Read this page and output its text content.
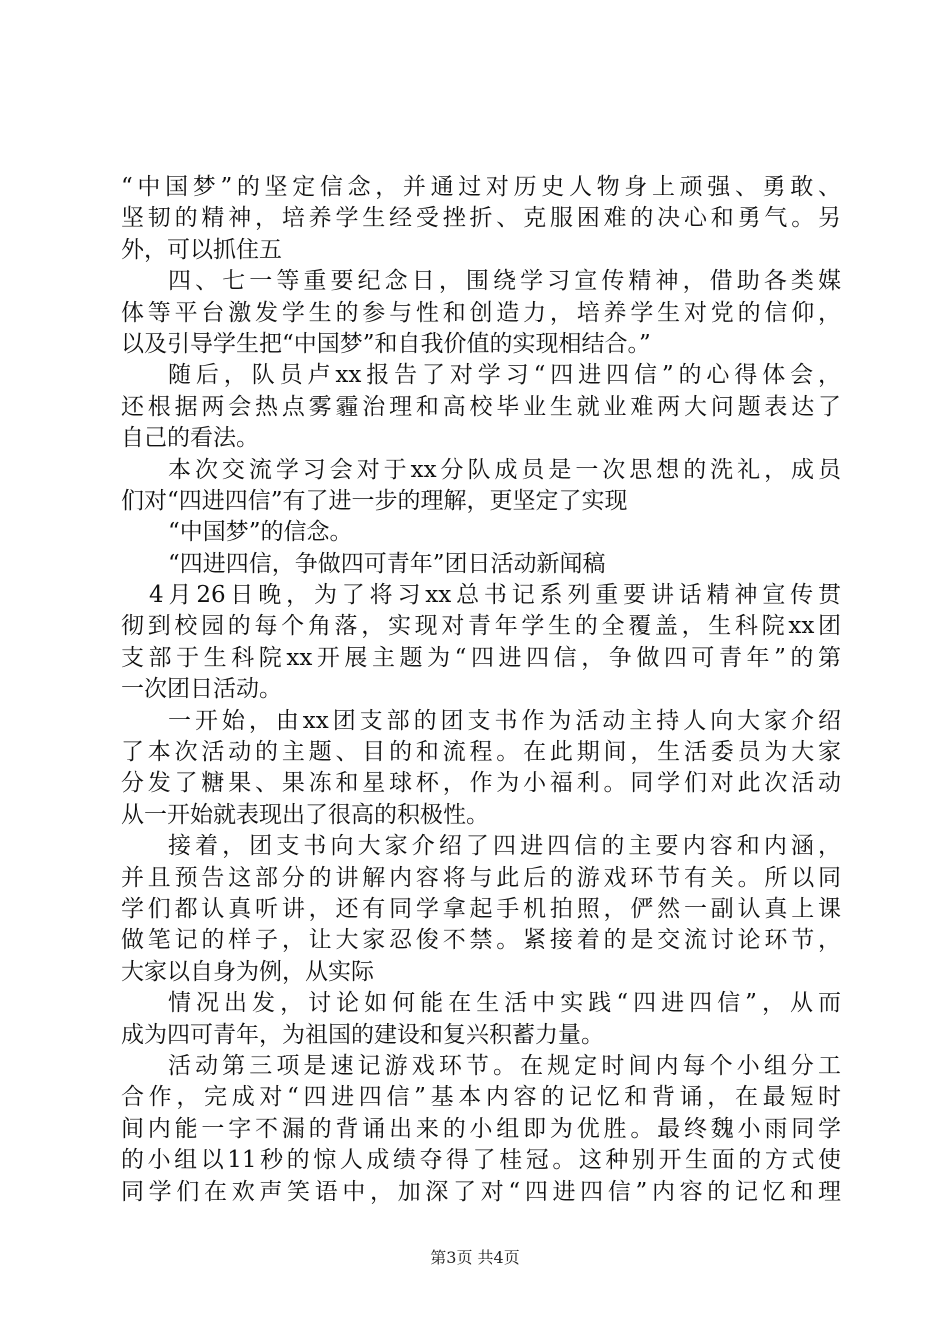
“中国梦”的坚定信念，并通过对历史人物身上顽强、勇敢、
坚韧的精神，培养学生经受挫折、克服困难的决心和勇气。另
外，可以抓住五
四、七一等重要纪念日，围绕学习宣传精神，借助各类媒
体等平台激发学生的参与性和创造力，培养学生对党的信仰，
以及引导学生把“中国梦”和自我价值的实现相结合。”
随后，队员卢xx报告了对学习“四进四信”的心得体会，
还根据两会热点雾霾治理和高校毕业生就业难两大问题表达了
自己的看法。
本次交流学习会对于xx分队成员是一次思想的洗礼，成员
们对“四进四信”有了进一步的理解，更坚定了实现
“中国梦”的信念。
“四进四信，争做四可青年”团日活动新闻稿
4月26日晚，为了将习xx总书记系列重要讲话精神宣传贯
彻到校园的每个角落，实现对青年学生的全覆盖，生科院xx团
支部于生科院xx开展主题为“四进四信，争做四可青年”的第
一次团日活动。
一开始，由xx团支部的团支书作为活动主持人向大家介绍
了本次活动的主题、目的和流程。在此期间，生活委员为大家
分发了糖果、果冻和星球杯，作为小福利。同学们对此次活动
从一开始就表现出了很高的积极性。
接着，团支书向大家介绍了四进四信的主要内容和内涵，
并且预告这部分的讲解内容将与此后的游戏环节有关。所以同
学们都认真听讲，还有同学拿起手机拍照，俨然一副认真上课
做笔记的样子，让大家忍俊不禁。紧接着的是交流讨论环节，
大家以自身为例，从实际
情况出发，讨论如何能在生活中实践“四进四信”，从而
成为四可青年，为祖国的建设和复兴积蓄力量。
活动第三项是速记游戏环节。在规定时间内每个小组分工
合作，完成对“四进四信”基本内容的记忆和背诵，在最短时
间内能一字不漏的背诵出来的小组即为优胜。最终魏小雨同学
的小组以11秒的惊人成绩夺得了桂冠。这种别开生面的方式使
同学们在欢声笑语中，加深了对“四进四信”内容的记忆和理
第3页 共4页
